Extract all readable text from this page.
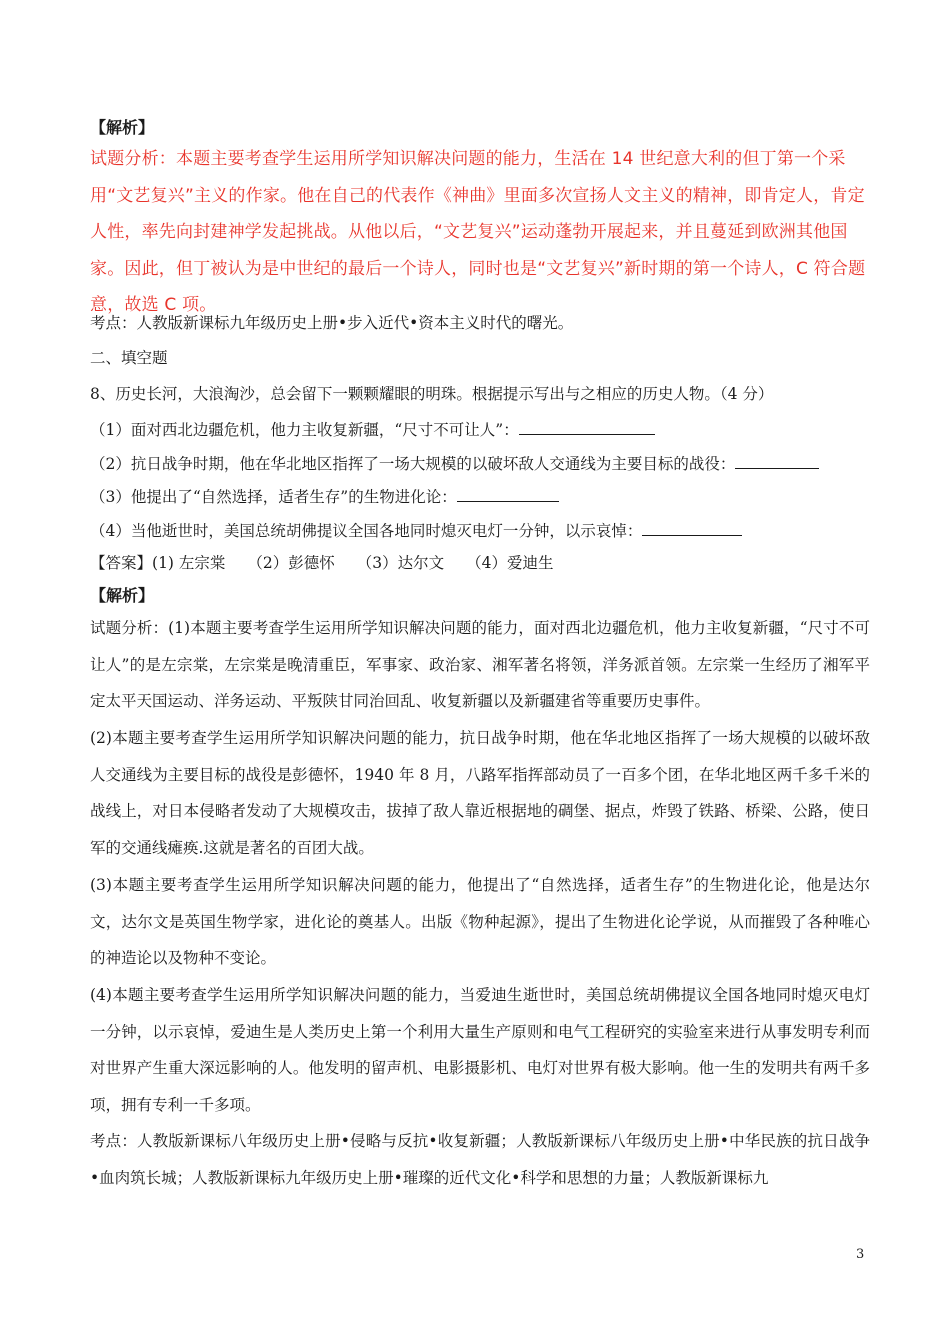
【解析】
试题分析：本题主要考查学生运用所学知识解决问题的能力，生活在 14 世纪意大利的但丁第一个采用“文艺复兴”主义的作家。他在自己的代表作《神曲》里面多次宣扬人文主义的精神，即肯定人，肯定人性，率先向封建神学发起挑战。从他以后，“文艺复兴”运动蓬勃开展起来，并且蔓延到欧洲其他国家。因此，但丁被认为是中世纪的最后一个诗人，同时也是“文艺复兴”新时期的第一个诗人，C 符合题意，故选 C 项。
考点：人教版新课标九年级历史上册•步入近代•资本主义时代的曙光。
二、填空题
8、历史长河，大浪淘沙，总会留下一颗颗耀眼的明珠。根据提示写出与之相应的历史人物。（4 分）
（1）面对西北边疆危机，他力主收复新疆，“尺寸不可让人”：
（2）抗日战争时期，他在华北地区指挥了一场大规模的以破坏敌人交通线为主要目标的战役：
（3）他提出了“自然选择，适者生存”的生物进化论：
（4）当他逝世时，美国总统胡佛提议全国各地同时熄灭电灯一分钟，以示哀悼：
【答案】(1) 左宗棠 （2）彭德怀 （3）达尔文 （4）爱迪生
【解析】
试题分析：(1)本题主要考查学生运用所学知识解决问题的能力，面对西北边疆危机，他力主收复新疆，“尺寸不可让人”的是左宗棠，左宗棠是晚清重臣，军事家、政治家、湘军著名将领，洋务派首领。左宗棠一生经历了湘军平定太平天国运动、洋务运动、平叛陕甘同治回乱、收复新疆以及新疆建省等重要历史事件。
(2)本题主要考查学生运用所学知识解决问题的能力，抗日战争时期，他在华北地区指挥了一场大规模的以破坏敌人交通线为主要目标的战役是彭德怀，1940 年 8 月，八路军指挥部动员了一百多个团，在华北地区两千多千米的战线上，对日本侵略者发动了大规模攻击，拔掉了敌人靠近根据地的碉堡、据点，炸毁了铁路、桥梁、公路，使日军的交通线瘫痪.这就是著名的百团大战。
(3)本题主要考查学生运用所学知识解决问题的能力，他提出了“自然选择，适者生存”的生物进化论，他是达尔文，达尔文是英国生物学家，进化论的奠基人。出版《物种起源》，提出了生物进化论学说，从而摧毁了各种唯心的神造论以及物种不变论。
(4)本题主要考查学生运用所学知识解决问题的能力，当爱迪生逝世时，美国总统胡佛提议全国各地同时熄灭电灯一分钟，以示哀悼，爱迪生是人类历史上第一个利用大量生产原则和电气工程研究的实验室来进行从事发明专利而对世界产生重大深远影响的人。他发明的留声机、电影摄影机、电灯对世界有极大影响。他一生的发明共有两千多项，拥有专利一千多项。
考点：人教版新课标八年级历史上册•侵略与反抗•收复新疆；人教版新课标八年级历史上册•中华民族的抗日战争•血肉筑长城；人教版新课标九年级历史上册•璀璨的近代文化•科学和思想的力量；人教版新课标九
3
